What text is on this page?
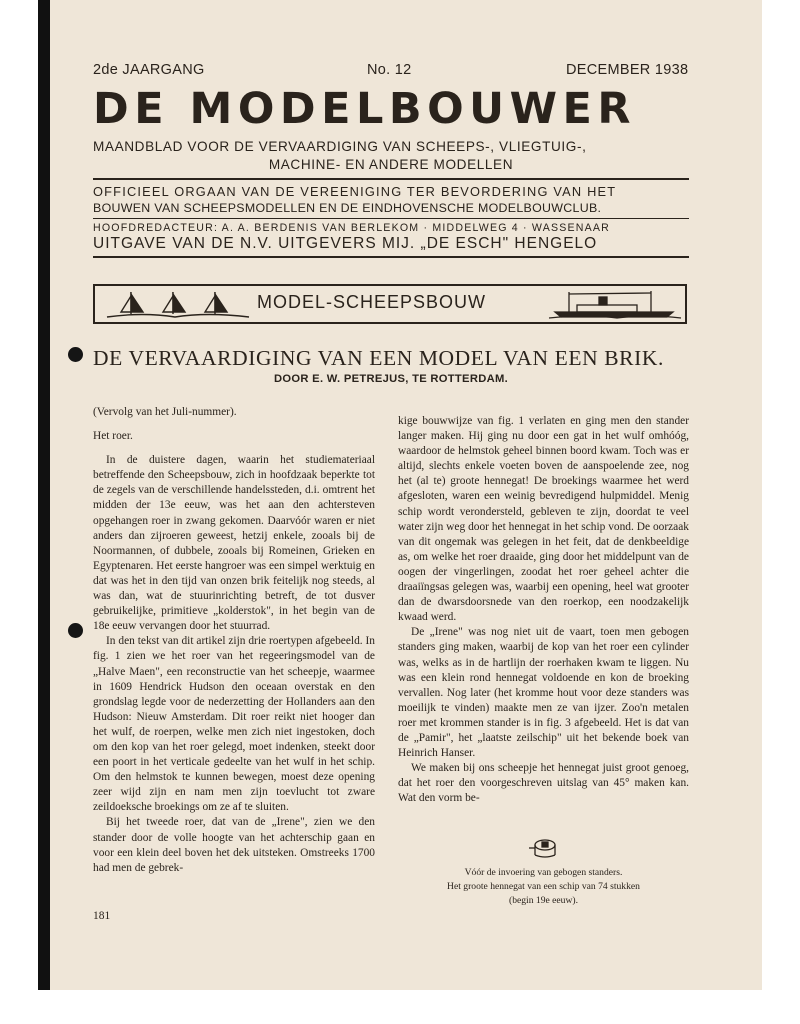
2de JAARGANG	No. 12	DECEMBER 1938
DE MODELBOUWER
MAANDBLAD VOOR DE VERVAARDIGING VAN SCHEEPS-, VLIEGTUIG-,
MACHINE- EN ANDERE MODELLEN
OFFICIEEL ORGAAN VAN DE VEREENIGING TER BEVORDERING VAN HET
BOUWEN VAN SCHEEPSMODELLEN EN DE EINDHOVENSCHE MODELBOUWCLUB.
HOOFDREDACTEUR: A. A. BERDENIS VAN BERLEKOM · MIDDELWEG 4 · WASSENAAR
UITGAVE VAN DE N.V. UITGEVERS MIJ. „DE ESCH" HENGELO
MODEL-SCHEEPSBOUW
DE VERVAARDIGING VAN EEN MODEL VAN EEN BRIK.
DOOR E. W. PETREJUS, TE ROTTERDAM.

(Vervolg van het Juli-nummer).

Het roer.

In de duistere dagen, waarin het studiemateriaal betreffende den Scheepsbouw, zich in hoofdzaak beperkte tot de zegels van de verschillende handelssteden, d.i. omtrent het midden der 13e eeuw, was het aan den achtersteven opgehangen roer in zwang gekomen. Daarvóór waren er niet anders dan zijroeren geweest, hetzij enkele, zooals bij de Noormannen, of dubbele, zooals bij Romeinen, Grieken en Egyptenaren. Het eerste hangroer was een simpel werktuig en dat was het in den tijd van onzen brik feitelijk nog steeds, al was dan, wat de stuurinrichting betreft, de tot dusver gebruikelijke, primitieve „kolderstok", in het begin van de 18e eeuw vervangen door het stuurrad.

In den tekst van dit artikel zijn drie roertypen afgebeeld. In fig. 1 zien we het roer van het regeeringsmodel van de „Halve Maen", een reconstructie van het scheepje, waarmee in 1609 Hendrick Hudson den oceaan overstak en den grondslag legde voor de nederzetting der Hollanders aan den Hudson: Nieuw Amsterdam. Dit roer reikt niet hooger dan het wulf, de roerpen, welke men zich niet ingestoken, doch om den kop van het roer gelegd, moet indenken, steekt door een poort in het verticale gedeelte van het wulf in het schip. Om den helmstok te kunnen bewegen, moest deze opening zeer wijd zijn en nam men zijn toevlucht tot zware zeildoeksche broekings om ze af te sluiten.

Bij het tweede roer, dat van de „Irene", zien we den stander door de volle hoogte van het achterschip gaan en voor een klein deel boven het dek uitsteken. Omstreeks 1700 had men de gebrek-

kige bouwwijze van fig. 1 verlaten en ging men den stander langer maken. Hij ging nu door een gat in het wulf omhóóg, waardoor de helmstok geheel binnen boord kwam. Toch was er altijd, slechts enkele voeten boven de aanspoelende zee, nog het (al te) groote hennegat! De broekings waarmee het werd afgesloten, waren een weinig bevredigend hulpmiddel. Menig schip wordt verondersteld, gebleven te zijn, doordat te veel water zijn weg door het hennegat in het schip vond. De oorzaak van dit ongemak was gelegen in het feit, dat de denkbeeldige as, om welke het roer draaide, ging door het middelpunt van de oogen der vingerlingen, zoodat het roer geheel achter die draaiïngsas gelegen was, waarbij een opening, heel wat grooter dan de dwarsdoorsnede van den roerkop, een noodzakelijk kwaad werd.

De „Irene" was nog niet uit de vaart, toen men gebogen standers ging maken, waarbij de kop van het roer een cylinder was, welks as in de hartlijn der roerhaken kwam te liggen. Nu was een klein rond hennegat voldoende en kon de broeking vervallen. Nog later (het kromme hout voor deze standers was moeilijk te vinden) maakte men ze van ijzer. Zoo'n metalen roer met krommen stander is in fig. 3 afgebeeld. Het is dat van de „Pamir", het „laatste zeilschip" uit het bekende boek van Heinrich Hanser.

We maken bij ons scheepje het hennegat juist groot genoeg, dat het roer den voorgeschreven uitslag van 45° maken kan. Wat den vorm be-

Vóór de invoering van gebogen standers.
Het groote hennegat van een schip van 74 stukken
(begin 19e eeuw).
181
